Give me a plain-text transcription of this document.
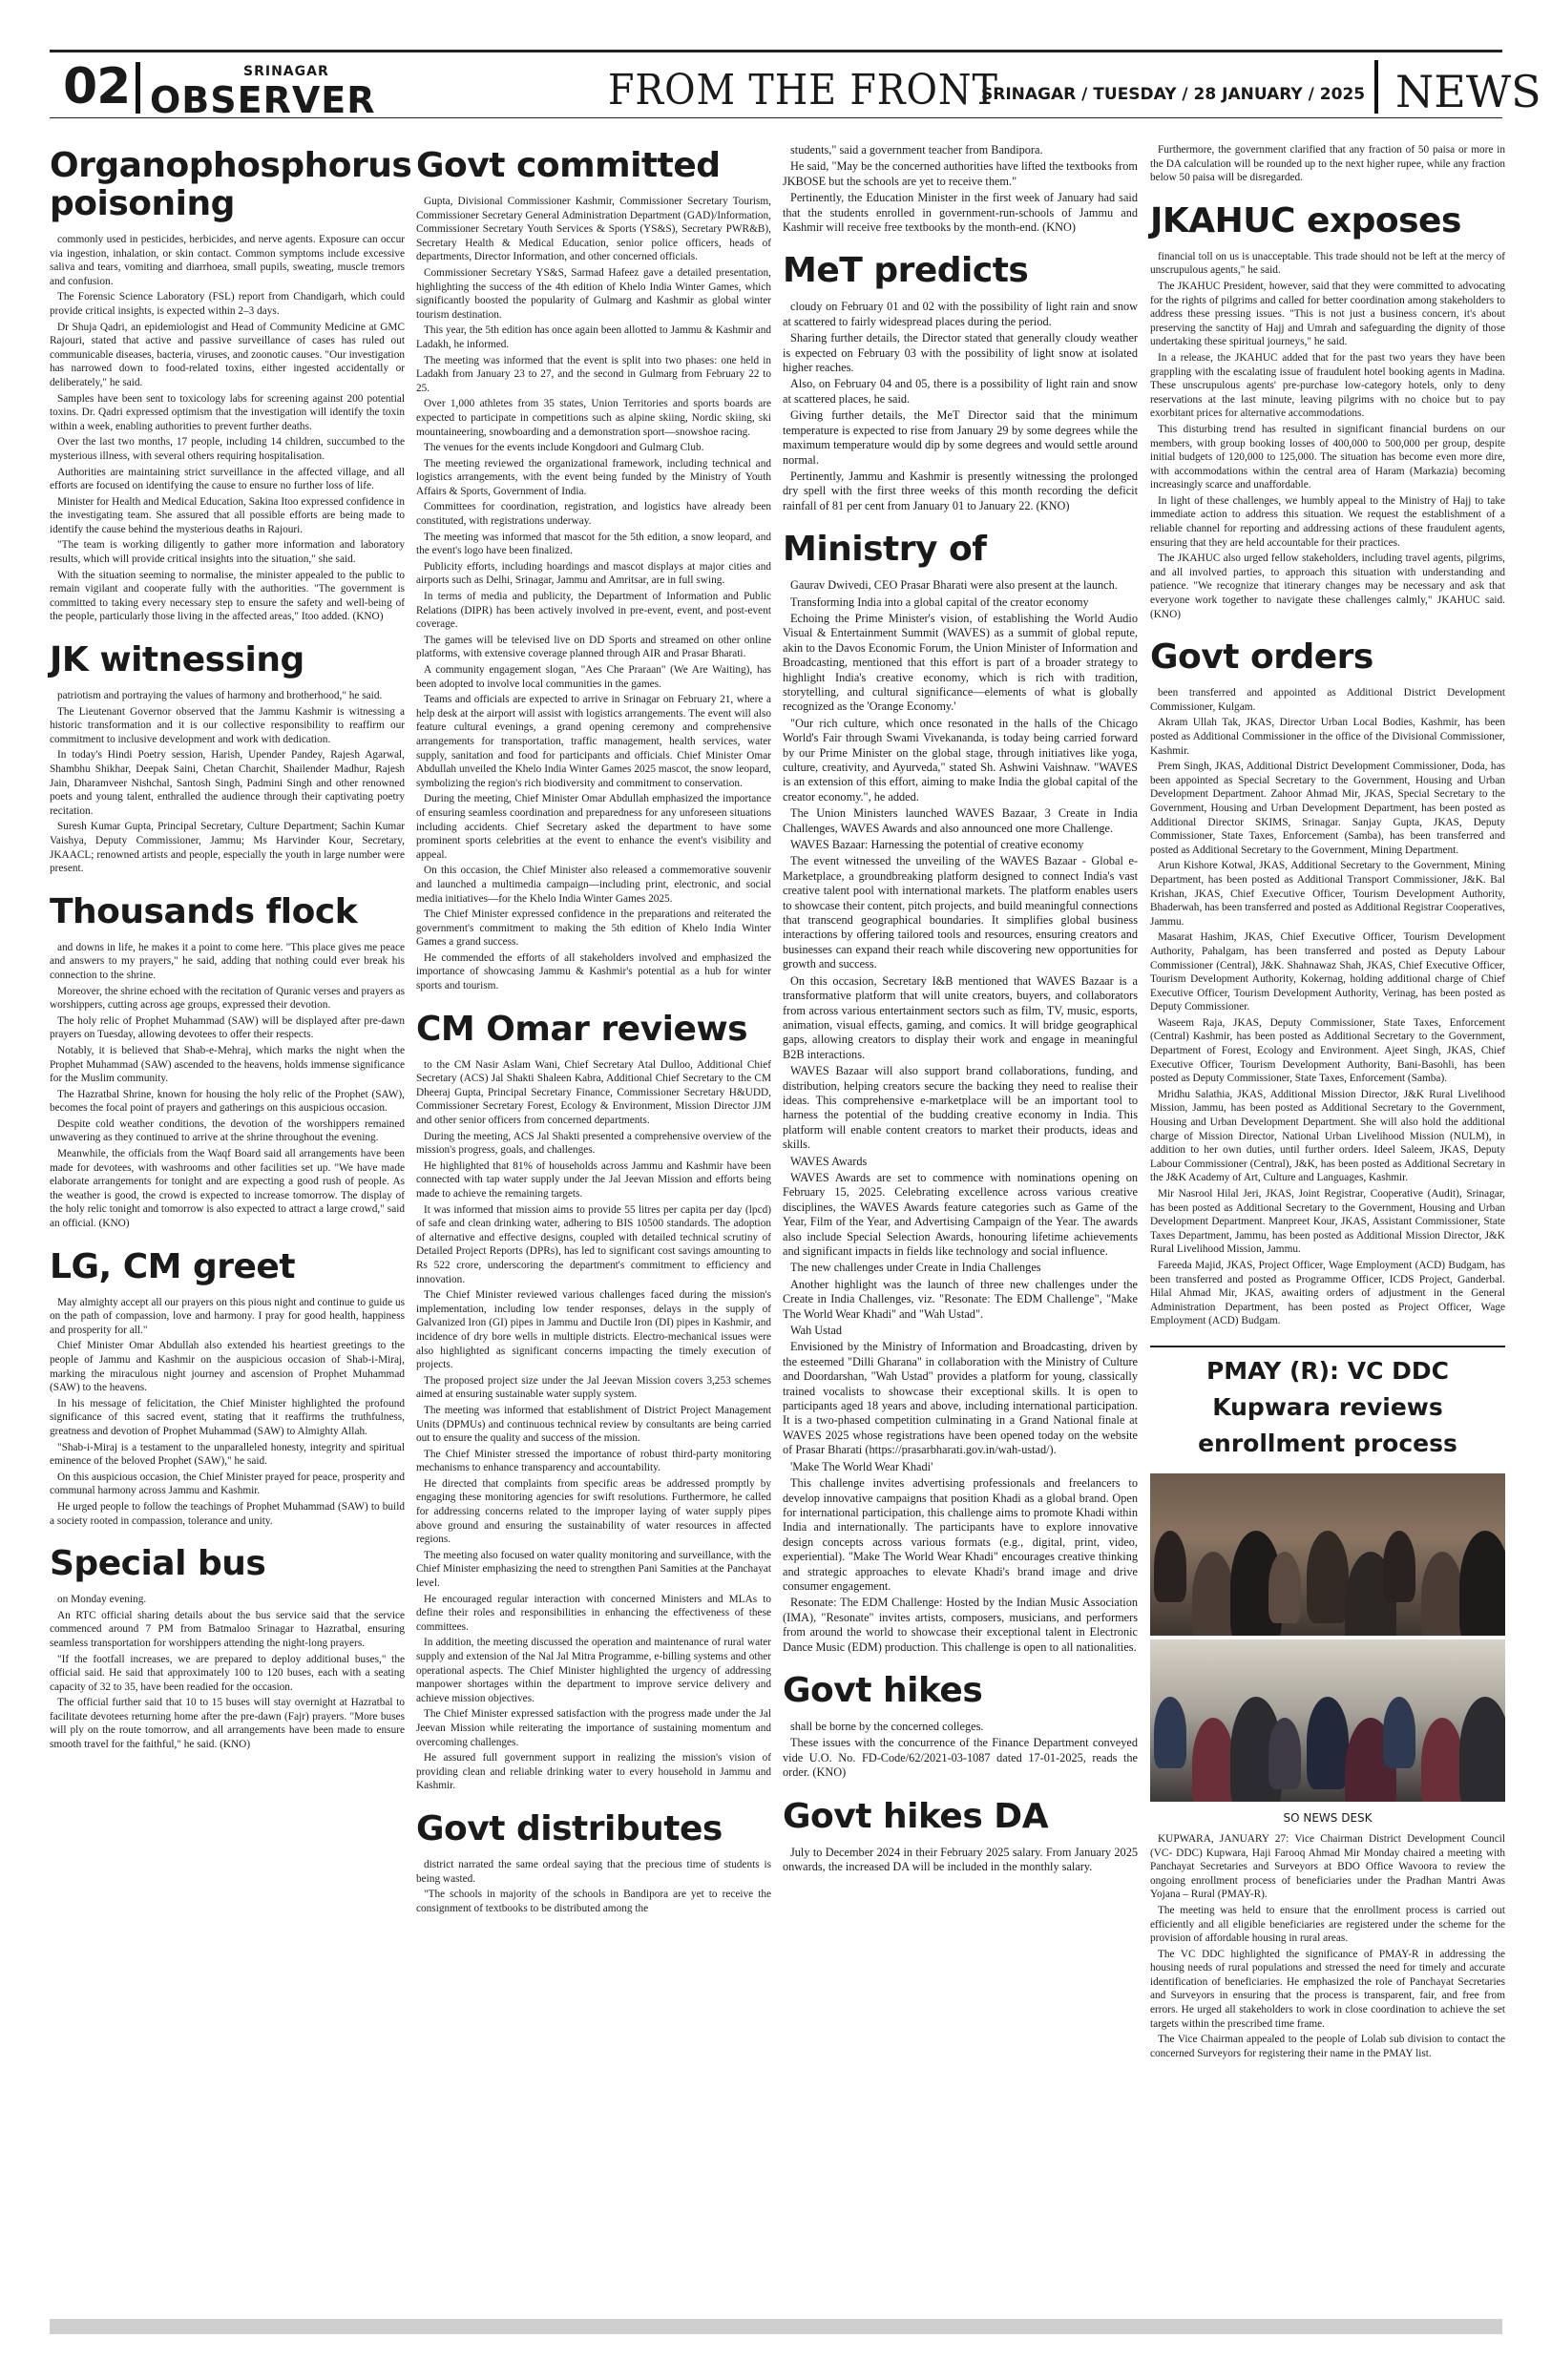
02	SRINAGAR
OBSERVER	FROM THE FRONT
SRINAGAR / TUESDAY / 28 JANUARY / 2025 NEWS
Organophosphorus poisoning

commonly used in pesticides, herbicides, and nerve agents. Exposure can occur via ingestion, inhalation, or skin contact. Common symptoms include excessive saliva and tears, vomiting and diarrhoea, small pupils, sweating, muscle tremors and confusion.

The Forensic Science Laboratory (FSL) report from Chandigarh, which could provide critical insights, is expected within 2–3 days.

Dr Shuja Qadri, an epidemiologist and Head of Community Medicine at GMC Rajouri, stated that active and passive surveillance of cases has ruled out communicable diseases, bacteria, viruses, and zoonotic causes. "Our investigation has narrowed down to food-related toxins, either ingested accidentally or deliberately," he said.

Samples have been sent to toxicology labs for screening against 200 potential toxins. Dr. Qadri expressed optimism that the investigation will identify the toxin within a week, enabling authorities to prevent further deaths.

Over the last two months, 17 people, including 14 children, succumbed to the mysterious illness, with several others requiring hospitalisation.

Authorities are maintaining strict surveillance in the affected village, and all efforts are focused on identifying the cause to ensure no further loss of life.

Minister for Health and Medical Education, Sakina Itoo expressed confidence in the investigating team. She assured that all possible efforts are being made to identify the cause behind the mysterious deaths in Rajouri.

"The team is working diligently to gather more information and laboratory results, which will provide critical insights into the situation," she said.

With the situation seeming to normalise, the minister appealed to the public to remain vigilant and cooperate fully with the authorities. "The government is committed to taking every necessary step to ensure the safety and well-being of the people, particularly those living in the affected areas," Itoo added. (KNO)

JK witnessing

patriotism and portraying the values of harmony and brotherhood," he said.

The Lieutenant Governor observed that the Jammu Kashmir is witnessing a historic transformation and it is our collective responsibility to reaffirm our commitment to inclusive development and work with dedication.

In today's Hindi Poetry session, Harish, Upender Pandey, Rajesh Agarwal, Shambhu Shikhar, Deepak Saini, Chetan Charchit, Shailender Madhur, Rajesh Jain, Dharamveer Nishchal, Santosh Singh, Padmini Singh and other renowned poets and young talent, enthralled the audience through their captivating poetry recitation.

Suresh Kumar Gupta, Principal Secretary, Culture Department; Sachin Kumar Vaishya, Deputy Commissioner, Jammu; Ms Harvinder Kour, Secretary, JKAACL; renowned artists and people, especially the youth in large number were present.

Thousands flock

and downs in life, he makes it a point to come here. "This place gives me peace and answers to my prayers," he said, adding that nothing could ever break his connection to the shrine.

Moreover, the shrine echoed with the recitation of Quranic verses and prayers as worshippers, cutting across age groups, expressed their devotion.

The holy relic of Prophet Muhammad (SAW) will be displayed after pre-dawn prayers on Tuesday, allowing devotees to offer their respects.

Notably, it is believed that Shab-e-Mehraj, which marks the night when the Prophet Muhammad (SAW) ascended to the heavens, holds immense significance for the Muslim community.

The Hazratbal Shrine, known for housing the holy relic of the Prophet (SAW), becomes the focal point of prayers and gatherings on this auspicious occasion.

Despite cold weather conditions, the devotion of the worshippers remained unwavering as they continued to arrive at the shrine throughout the evening.

Meanwhile, the officials from the Waqf Board said all arrangements have been made for devotees, with washrooms and other facilities set up. "We have made elaborate arrangements for tonight and are expecting a good rush of people. As the weather is good, the crowd is expected to increase tomorrow. The display of the holy relic tonight and tomorrow is also expected to attract a large crowd," said an official. (KNO)

LG, CM greet

May almighty accept all our prayers on this pious night and continue to guide us on the path of compassion, love and harmony. I pray for good health, happiness and prosperity for all."

Chief Minister Omar Abdullah also extended his heartiest greetings to the people of Jammu and Kashmir on the auspicious occasion of Shab-i-Miraj, marking the miraculous night journey and ascension of Prophet Muhammad (SAW) to the heavens.

In his message of felicitation, the Chief Minister highlighted the profound significance of this sacred event, stating that it reaffirms the truthfulness, greatness and devotion of Prophet Muhammad (SAW) to Almighty Allah.

"Shab-i-Miraj is a testament to the unparalleled honesty, integrity and spiritual eminence of the beloved Prophet (SAW)," he said.

On this auspicious occasion, the Chief Minister prayed for peace, prosperity and communal harmony across Jammu and Kashmir.

He urged people to follow the teachings of Prophet Muhammad (SAW) to build a society rooted in compassion, tolerance and unity.

Special bus

on Monday evening.

An RTC official sharing details about the bus service said that the service commenced around 7 PM from Batmaloo Srinagar to Hazratbal, ensuring seamless transportation for worshippers attending the night-long prayers.

"If the footfall increases, we are prepared to deploy additional buses," the official said. He said that approximately 100 to 120 buses, each with a seating capacity of 32 to 35, have been readied for the occasion.

The official further said that 10 to 15 buses will stay overnight at Hazratbal to facilitate devotees returning home after the pre-dawn (Fajr) prayers. "More buses will ply on the route tomorrow, and all arrangements have been made to ensure smooth travel for the faithful," he said. (KNO)

Govt committed

Gupta, Divisional Commissioner Kashmir, Commissioner Secretary Tourism, Commissioner Secretary General Administration Department (GAD)/Information, Commissioner Secretary Youth Services & Sports (YS&S), Secretary PWR&B), Secretary Health & Medical Education, senior police officers, heads of departments, Director Information, and other concerned officials.

Commissioner Secretary YS&S, Sarmad Hafeez gave a detailed presentation, highlighting the success of the 4th edition of Khelo India Winter Games, which significantly boosted the popularity of Gulmarg and Kashmir as global winter tourism destination.

This year, the 5th edition has once again been allotted to Jammu & Kashmir and Ladakh, he informed.

The meeting was informed that the event is split into two phases: one held in Ladakh from January 23 to 27, and the second in Gulmarg from February 22 to 25.

Over 1,000 athletes from 35 states, Union Territories and sports boards are expected to participate in competitions such as alpine skiing, Nordic skiing, ski mountaineering, snowboarding and a demonstration sport—snowshoe racing.

The venues for the events include Kongdoori and Gulmarg Club.

The meeting reviewed the organizational framework, including technical and logistics arrangements, with the event being funded by the Ministry of Youth Affairs & Sports, Government of India.

Committees for coordination, registration, and logistics have already been constituted, with registrations underway.

The meeting was informed that mascot for the 5th edition, a snow leopard, and the event's logo have been finalized.

Publicity efforts, including hoardings and mascot displays at major cities and airports such as Delhi, Srinagar, Jammu and Amritsar, are in full swing.

In terms of media and publicity, the Department of Information and Public Relations (DIPR) has been actively involved in pre-event, event, and post-event coverage.

The games will be televised live on DD Sports and streamed on other online platforms, with extensive coverage planned through AIR and Prasar Bharati.

A community engagement slogan, "Aes Che Praraan" (We Are Waiting), has been adopted to involve local communities in the games.

Teams and officials are expected to arrive in Srinagar on February 21, where a help desk at the airport will assist with logistics arrangements. The event will also feature cultural evenings, a grand opening ceremony and comprehensive arrangements for transportation, traffic management, health services, water supply, sanitation and food for participants and officials. Chief Minister Omar Abdullah unveiled the Khelo India Winter Games 2025 mascot, the snow leopard, symbolizing the region's rich biodiversity and commitment to conservation.

During the meeting, Chief Minister Omar Abdullah emphasized the importance of ensuring seamless coordination and preparedness for any unforeseen situations including accidents. Chief Secretary asked the department to have some prominent sports celebrities at the event to enhance the event's visibility and appeal.

On this occasion, the Chief Minister also released a commemorative souvenir and launched a multimedia campaign—including print, electronic, and social media initiatives—for the Khelo India Winter Games 2025.

The Chief Minister expressed confidence in the preparations and reiterated the government's commitment to making the 5th edition of Khelo India Winter Games a grand success.

He commended the efforts of all stakeholders involved and emphasized the importance of showcasing Jammu & Kashmir's potential as a hub for winter sports and tourism.

CM Omar reviews

to the CM Nasir Aslam Wani, Chief Secretary Atal Dulloo, Additional Chief Secretary (ACS) Jal Shakti Shaleen Kabra, Additional Chief Secretary to the CM Dheeraj Gupta, Principal Secretary Finance, Commissioner Secretary H&UDD, Commissioner Secretary Forest, Ecology & Environment, Mission Director JJM and other senior officers from concerned departments.

During the meeting, ACS Jal Shakti presented a comprehensive overview of the mission's progress, goals, and challenges.

He highlighted that 81% of households across Jammu and Kashmir have been connected with tap water supply under the Jal Jeevan Mission and efforts being made to achieve the remaining targets.

It was informed that mission aims to provide 55 litres per capita per day (lpcd) of safe and clean drinking water, adhering to BIS 10500 standards. The adoption of alternative and effective designs, coupled with detailed technical scrutiny of Detailed Project Reports (DPRs), has led to significant cost savings amounting to Rs 522 crore, underscoring the department's commitment to efficiency and innovation.

The Chief Minister reviewed various challenges faced during the mission's implementation, including low tender responses, delays in the supply of Galvanized Iron (GI) pipes in Jammu and Ductile Iron (DI) pipes in Kashmir, and incidence of dry bore wells in multiple districts. Electro-mechanical issues were also highlighted as significant concerns impacting the timely execution of projects.

The proposed project size under the Jal Jeevan Mission covers 3,253 schemes aimed at ensuring sustainable water supply system.

The meeting was informed that establishment of District Project Management Units (DPMUs) and continuous technical review by consultants are being carried out to ensure the quality and success of the mission.

The Chief Minister stressed the importance of robust third-party monitoring mechanisms to enhance transparency and accountability.

He directed that complaints from specific areas be addressed promptly by engaging these monitoring agencies for swift resolutions. Furthermore, he called for addressing concerns related to the improper laying of water supply pipes above ground and ensuring the sustainability of water resources in affected regions.

The meeting also focused on water quality monitoring and surveillance, with the Chief Minister emphasizing the need to strengthen Pani Samities at the Panchayat level.

He encouraged regular interaction with concerned Ministers and MLAs to define their roles and responsibilities in enhancing the effectiveness of these committees.

In addition, the meeting discussed the operation and maintenance of rural water supply and extension of the Nal Jal Mitra Programme, e-billing systems and other operational aspects. The Chief Minister highlighted the urgency of addressing manpower shortages within the department to improve service delivery and achieve mission objectives.

The Chief Minister expressed satisfaction with the progress made under the Jal Jeevan Mission while reiterating the importance of sustaining momentum and overcoming challenges.

He assured full government support in realizing the mission's vision of providing clean and reliable drinking water to every household in Jammu and Kashmir.

Govt distributes

district narrated the same ordeal saying that the precious time of students is being wasted.

"The schools in majority of the schools in Bandipora are yet to receive the consignment of textbooks to be distributed among the

students," said a government teacher from Bandipora.

He said, "May be the concerned authorities have lifted the textbooks from JKBOSE but the schools are yet to receive them."

Pertinently, the Education Minister in the first week of January had said that the students enrolled in government-run-schools of Jammu and Kashmir will receive free textbooks by the month-end. (KNO)

MeT predicts

cloudy on February 01 and 02 with the possibility of light rain and snow at scattered to fairly widespread places during the period.

Sharing further details, the Director stated that generally cloudy weather is expected on February 03 with the possibility of light snow at isolated higher reaches.

Also, on February 04 and 05, there is a possibility of light rain and snow at scattered places, he said.

Giving further details, the MeT Director said that the minimum temperature is expected to rise from January 29 by some degrees while the maximum temperature would dip by some degrees and would settle around normal.

Pertinently, Jammu and Kashmir is presently witnessing the prolonged dry spell with the first three weeks of this month recording the deficit rainfall of 81 per cent from January 01 to January 22. (KNO)

Ministry of

Gaurav Dwivedi, CEO Prasar Bharati were also present at the launch.

Transforming India into a global capital of the creator economy

Echoing the Prime Minister's vision, of establishing the World Audio Visual & Entertainment Summit (WAVES) as a summit of global repute, akin to the Davos Economic Forum, the Union Minister of Information and Broadcasting, mentioned that this effort is part of a broader strategy to highlight India's creative economy, which is rich with tradition, storytelling, and cultural significance—elements of what is globally recognized as the 'Orange Economy.'

"Our rich culture, which once resonated in the halls of the Chicago World's Fair through Swami Vivekananda, is today being carried forward by our Prime Minister on the global stage, through initiatives like yoga, culture, creativity, and Ayurveda," stated Sh. Ashwini Vaishnaw. "WAVES is an extension of this effort, aiming to make India the global capital of the creator economy.", he added.

The Union Ministers launched WAVES Bazaar, 3 Create in India Challenges, WAVES Awards and also announced one more Challenge.

WAVES Bazaar: Harnessing the potential of creative economy

The event witnessed the unveiling of the WAVES Bazaar - Global e-Marketplace, a groundbreaking platform designed to connect India's vast creative talent pool with international markets. The platform enables users to showcase their content, pitch projects, and build meaningful connections that transcend geographical boundaries. It simplifies global business interactions by offering tailored tools and resources, ensuring creators and businesses can expand their reach while discovering new opportunities for growth and success.

On this occasion, Secretary I&B mentioned that WAVES Bazaar is a transformative platform that will unite creators, buyers, and collaborators from across various entertainment sectors such as film, TV, music, esports, animation, visual effects, gaming, and comics. It will bridge geographical gaps, allowing creators to display their work and engage in meaningful B2B interactions.

WAVES Bazaar will also support brand collaborations, funding, and distribution, helping creators secure the backing they need to realise their ideas. This comprehensive e-marketplace will be an important tool to harness the potential of the budding creative economy in India. This platform will enable content creators to market their products, ideas and skills.

WAVES Awards

WAVES Awards are set to commence with nominations opening on February 15, 2025. Celebrating excellence across various creative disciplines, the WAVES Awards feature categories such as Game of the Year, Film of the Year, and Advertising Campaign of the Year. The awards also include Special Selection Awards, honouring lifetime achievements and significant impacts in fields like technology and social influence.

The new challenges under Create in India Challenges

Another highlight was the launch of three new challenges under the Create in India Challenges, viz. "Resonate: The EDM Challenge", "Make The World Wear Khadi" and "Wah Ustad".

Wah Ustad

Envisioned by the Ministry of Information and Broadcasting, driven by the esteemed "Dilli Gharana" in collaboration with the Ministry of Culture and Doordarshan, "Wah Ustad" provides a platform for young, classically trained vocalists to showcase their exceptional skills. It is open to participants aged 18 years and above, including international participation. It is a two-phased competition culminating in a Grand National finale at WAVES 2025 whose registrations have been opened today on the website of Prasar Bharati (https://prasarbharati.gov.in/wah-ustad/).

'Make The World Wear Khadi'

This challenge invites advertising professionals and freelancers to develop innovative campaigns that position Khadi as a global brand. Open for international participation, this challenge aims to promote Khadi within India and internationally. The participants have to explore innovative design concepts across various formats (e.g., digital, print, video, experiential). "Make The World Wear Khadi" encourages creative thinking and strategic approaches to elevate Khadi's brand image and drive consumer engagement.

Resonate: The EDM Challenge: Hosted by the Indian Music Association (IMA), "Resonate" invites artists, composers, musicians, and performers from around the world to showcase their exceptional talent in Electronic Dance Music (EDM) production. This challenge is open to all nationalities.

Govt hikes

shall be borne by the concerned colleges.

These issues with the concurrence of the Finance Department conveyed vide U.O. No. FD-Code/62/2021-03-1087 dated 17-01-2025, reads the order. (KNO)

Govt hikes DA

July to December 2024 in their February 2025 salary. From January 2025 onwards, the increased DA will be included in the monthly salary.

Furthermore, the government clarified that any fraction of 50 paisa or more in the DA calculation will be rounded up to the next higher rupee, while any fraction below 50 paisa will be disregarded.

JKAHUC exposes

financial toll on us is unacceptable. This trade should not be left at the mercy of unscrupulous agents," he said.

The JKAHUC President, however, said that they were committed to advocating for the rights of pilgrims and called for better coordination among stakeholders to address these pressing issues. "This is not just a business concern, it's about preserving the sanctity of Hajj and Umrah and safeguarding the dignity of those undertaking these spiritual journeys," he said.

In a release, the JKAHUC added that for the past two years they have been grappling with the escalating issue of fraudulent hotel booking agents in Madina. These unscrupulous agents' pre-purchase low-category hotels, only to deny reservations at the last minute, leaving pilgrims with no choice but to pay exorbitant prices for alternative accommodations.

This disturbing trend has resulted in significant financial burdens on our members, with group booking losses of 400,000 to 500,000 per group, despite initial budgets of 120,000 to 125,000. The situation has become even more dire, with accommodations within the central area of Haram (Markazia) becoming increasingly scarce and unaffordable.

In light of these challenges, we humbly appeal to the Ministry of Hajj to take immediate action to address this situation. We request the establishment of a reliable channel for reporting and addressing actions of these fraudulent agents, ensuring that they are held accountable for their practices.

The JKAHUC also urged fellow stakeholders, including travel agents, pilgrims, and all involved parties, to approach this situation with understanding and patience. "We recognize that itinerary changes may be necessary and ask that everyone work together to navigate these challenges calmly," JKAHUC said. (KNO)

Govt orders

been transferred and appointed as Additional District Development Commissioner, Kulgam.

Akram Ullah Tak, JKAS, Director Urban Local Bodies, Kashmir, has been posted as Additional Commissioner in the office of the Divisional Commissioner, Kashmir.

Prem Singh, JKAS, Additional District Development Commissioner, Doda, has been appointed as Special Secretary to the Government, Housing and Urban Development Department. Zahoor Ahmad Mir, JKAS, Special Secretary to the Government, Housing and Urban Development Department, has been posted as Additional Director SKIMS, Srinagar. Sanjay Gupta, JKAS, Deputy Commissioner, State Taxes, Enforcement (Samba), has been transferred and posted as Additional Secretary to the Government, Mining Department.

Arun Kishore Kotwal, JKAS, Additional Secretary to the Government, Mining Department, has been posted as Additional Transport Commissioner, J&K. Bal Krishan, JKAS, Chief Executive Officer, Tourism Development Authority, Bhaderwah, has been transferred and posted as Additional Registrar Cooperatives, Jammu.

Masarat Hashim, JKAS, Chief Executive Officer, Tourism Development Authority, Pahalgam, has been transferred and posted as Deputy Labour Commissioner (Central), J&K. Shahnawaz Shah, JKAS, Chief Executive Officer, Tourism Development Authority, Kokernag, holding additional charge of Chief Executive Officer, Tourism Development Authority, Verinag, has been posted as Deputy Commissioner.

Waseem Raja, JKAS, Deputy Commissioner, State Taxes, Enforcement (Central) Kashmir, has been posted as Additional Secretary to the Government, Department of Forest, Ecology and Environment. Ajeet Singh, JKAS, Chief Executive Officer, Tourism Development Authority, Bani-Basohli, has been posted as Deputy Commissioner, State Taxes, Enforcement (Samba).

Mridhu Salathia, JKAS, Additional Mission Director, J&K Rural Livelihood Mission, Jammu, has been posted as Additional Secretary to the Government, Housing and Urban Development Department. She will also hold the additional charge of Mission Director, National Urban Livelihood Mission (NULM), in addition to her own duties, until further orders. Ideel Saleem, JKAS, Deputy Labour Commissioner (Central), J&K, has been posted as Additional Secretary in the J&K Academy of Art, Culture and Languages, Kashmir.

Mir Nasrool Hilal Jeri, JKAS, Joint Registrar, Cooperative (Audit), Srinagar, has been posted as Additional Secretary to the Government, Housing and Urban Development Department. Manpreet Kour, JKAS, Assistant Commissioner, State Taxes Department, Jammu, has been posted as Additional Mission Director, J&K Rural Livelihood Mission, Jammu.

Fareeda Majid, JKAS, Project Officer, Wage Employment (ACD) Budgam, has been transferred and posted as Programme Officer, ICDS Project, Ganderbal. Hilal Ahmad Mir, JKAS, awaiting orders of adjustment in the General Administration Department, has been posted as Project Officer, Wage Employment (ACD) Budgam.

PMAY (R): VC DDC Kupwara reviews enrollment process
SO NEWS DESK

KUPWARA, JANUARY 27: Vice Chairman District Development Council (VC- DDC) Kupwara, Haji Farooq Ahmad Mir Monday chaired a meeting with Panchayat Secretaries and Surveyors at BDO Office Wavoora to review the ongoing enrollment process of beneficiaries under the Pradhan Mantri Awas Yojana – Rural (PMAY-R).

The meeting was held to ensure that the enrollment process is carried out efficiently and all eligible beneficiaries are registered under the scheme for the provision of affordable housing in rural areas.

The VC DDC highlighted the significance of PMAY-R in addressing the housing needs of rural populations and stressed the need for timely and accurate identification of beneficiaries. He emphasized the role of Panchayat Secretaries and Surveyors in ensuring that the process is transparent, fair, and free from errors. He urged all stakeholders to work in close coordination to achieve the set targets within the prescribed time frame.

The Vice Chairman appealed to the people of Lolab sub division to contact the concerned Surveyors for registering their name in the PMAY list.
